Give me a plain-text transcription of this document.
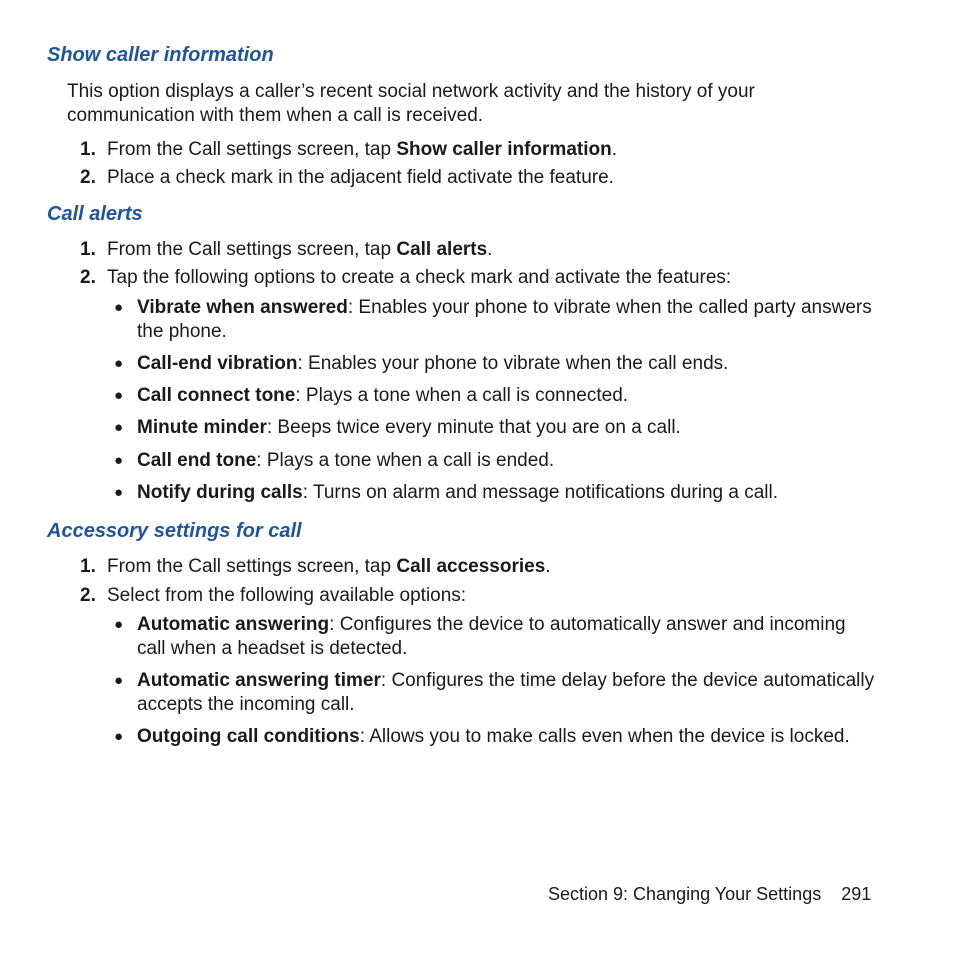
Show caller information

This option displays a caller’s recent social network activity and the history of your communication with them when a call is received.

1. From the Call settings screen, tap Show caller information.
2. Place a check mark in the adjacent field activate the feature.
Call alerts
1. From the Call settings screen, tap Call alerts.
2. Tap the following options to create a check mark and activate the features:
● Vibrate when answered: Enables your phone to vibrate when the called party answers the phone.
● Call-end vibration: Enables your phone to vibrate when the call ends.
● Call connect tone: Plays a tone when a call is connected.
● Minute minder: Beeps twice every minute that you are on a call.
● Call end tone: Plays a tone when a call is ended.
● Notify during calls: Turns on alarm and message notifications during a call.
Accessory settings for call
1. From the Call settings screen, tap Call accessories.
2. Select from the following available options:
● Automatic answering: Configures the device to automatically answer and incoming call when a headset is detected.
● Automatic answering timer: Configures the time delay before the device automatically accepts the incoming call.
● Outgoing call conditions: Allows you to make calls even when the device is locked.
Section 9: Changing Your Settings 291
